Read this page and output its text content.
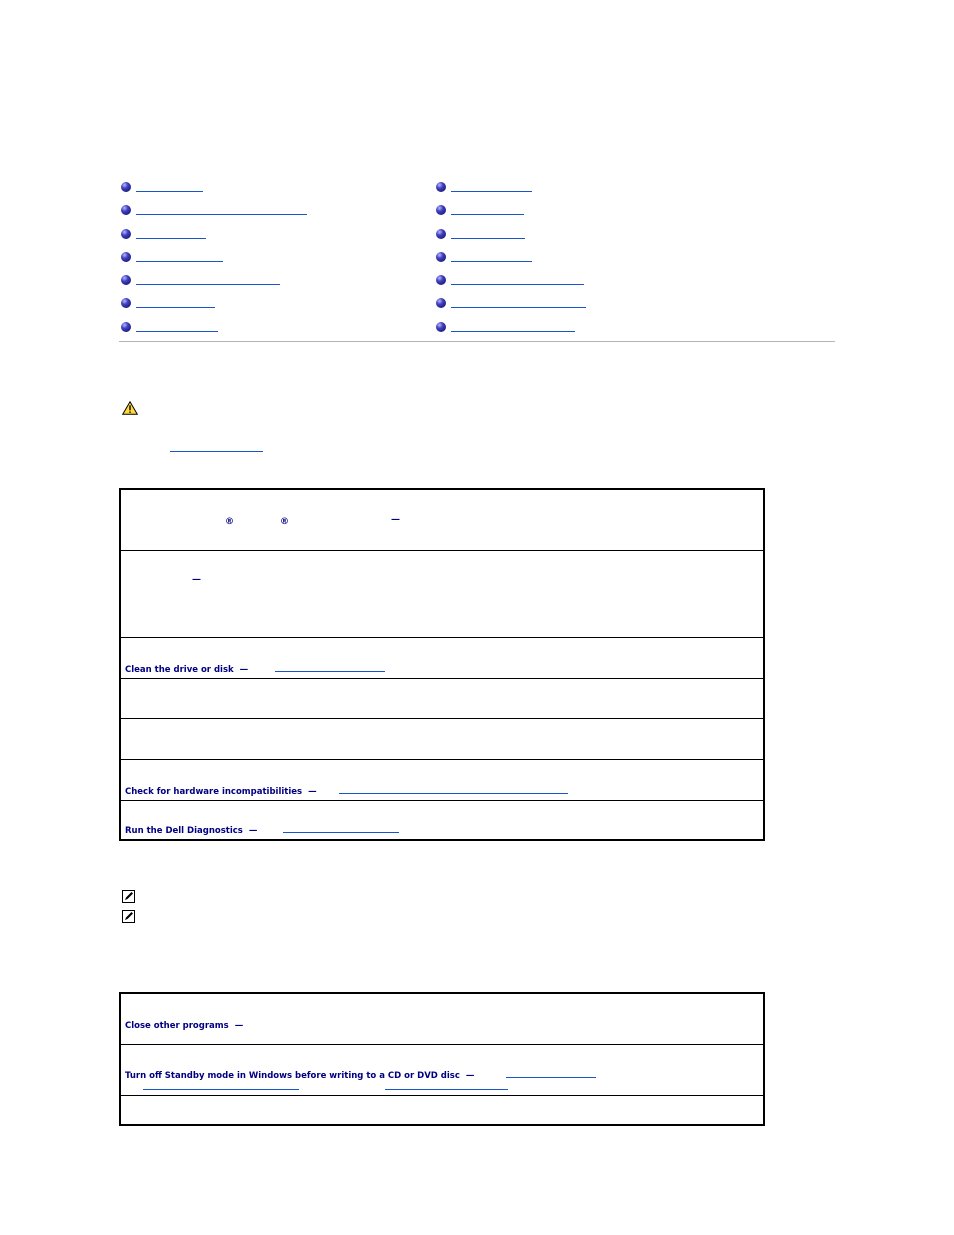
®	®	—

—

Clean the drive or disk —

Check for hardware incompatibilities —
Run the Dell Diagnostics —
Close other programs —

Turn off Standby mode in Windows before writing to a CD or DVD disc —
